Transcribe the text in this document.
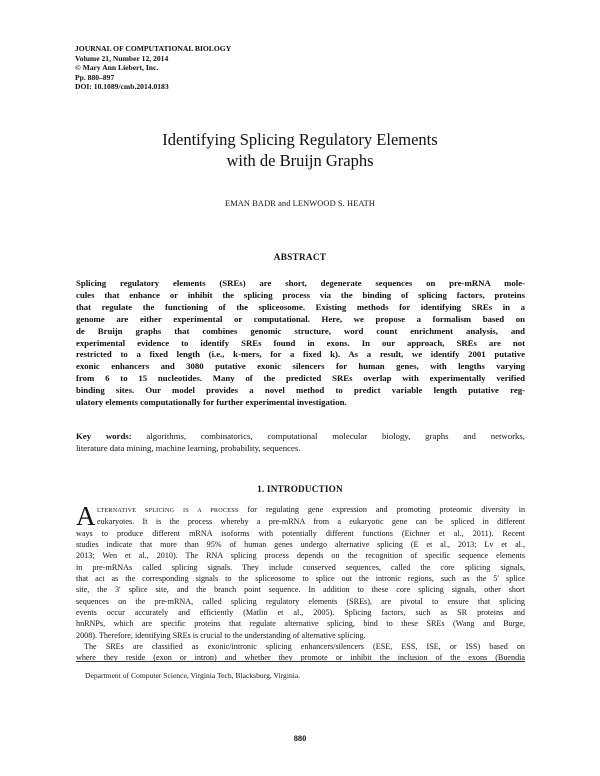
JOURNAL OF COMPUTATIONAL BIOLOGY
Volume 21, Number 12, 2014
© Mary Ann Liebert, Inc.
Pp. 880–897
DOI: 10.1089/cmb.2014.0183
Identifying Splicing Regulatory Elements
with de Bruijn Graphs
EMAN BADR and LENWOOD S. HEATH
ABSTRACT
Splicing regulatory elements (SREs) are short, degenerate sequences on pre-mRNA mole-
cules that enhance or inhibit the splicing process via the binding of splicing factors, proteins
that regulate the functioning of the spliceosome. Existing methods for identifying SREs in a
genome are either experimental or computational. Here, we propose a formalism based on
de Bruijn graphs that combines genomic structure, word count enrichment analysis, and
experimental evidence to identify SREs found in exons. In our approach, SREs are not
restricted to a fixed length (i.e., k-mers, for a fixed k). As a result, we identify 2001 putative
exonic enhancers and 3080 putative exonic silencers for human genes, with lengths varying
from 6 to 15 nucleotides. Many of the predicted SREs overlap with experimentally verified
binding sites. Our model provides a novel method to predict variable length putative reg-
ulatory elements computationally for further experimental investigation.
Key words: algorithms, combinatorics, computational molecular biology, graphs and networks,
literature data mining, machine learning, probability, sequences.
1. INTRODUCTION
A LTERNATIVE SPLICING IS A PROCESS for regulating gene expression and promoting proteomic diversity in
eukaryotes. It is the process whereby a pre-mRNA from a eukaryotic gene can be spliced in different
ways to produce different mRNA isoforms with potentially different functions (Eichner et al., 2011). Recent
studies indicate that more than 95% of human genes undergo alternative splicing (E et al., 2013; Lv et al.,
2013; Wen et al., 2010). The RNA splicing process depends on the recognition of specific sequence elements
in pre-mRNAs called splicing signals. They include conserved sequences, called the core splicing signals,
that act as the corresponding signals to the spliceosome to splice out the intronic regions, such as the 5′ splice
site, the 3′ splice site, and the branch point sequence. In addition to these core splicing signals, other short
sequences on the pre-mRNA, called splicing regulatory elements (SREs), are pivotal to ensure that splicing
events occur accurately and efficiently (Matlin et al., 2005). Splicing factors, such as SR proteins and
hnRNPs, which are specific proteins that regulate alternative splicing, bind to these SREs (Wang and Burge,
2008). Therefore, identifying SREs is crucial to the understanding of alternative splicing.
The SREs are classified as exonic/intronic splicing enhancers/silencers (ESE, ESS, ISE, or ISS) based on
where they reside (exon or intron) and whether they promote or inhibit the inclusion of the exons (Buendia
Department of Computer Science, Virginia Tech, Blacksburg, Virginia.
880
